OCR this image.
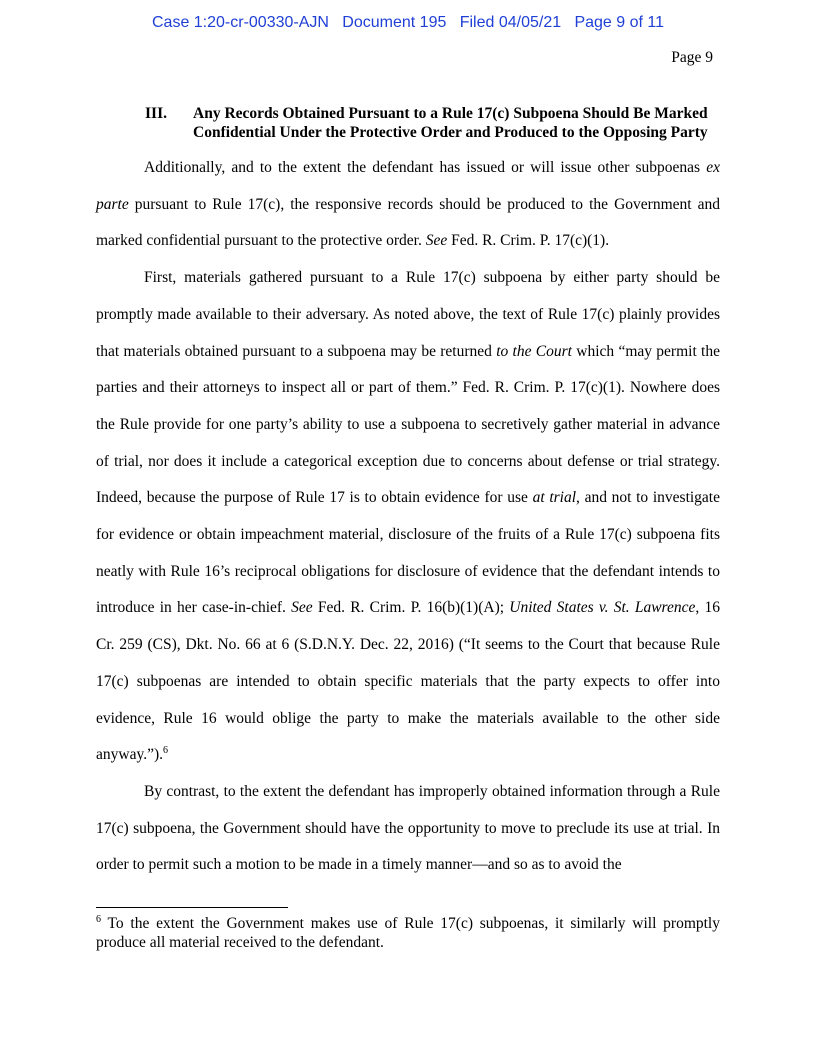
Case 1:20-cr-00330-AJN Document 195 Filed 04/05/21 Page 9 of 11
Page 9
III. Any Records Obtained Pursuant to a Rule 17(c) Subpoena Should Be Marked Confidential Under the Protective Order and Produced to the Opposing Party

Additionally, and to the extent the defendant has issued or will issue other subpoenas ex parte pursuant to Rule 17(c), the responsive records should be produced to the Government and marked confidential pursuant to the protective order. See Fed. R. Crim. P. 17(c)(1).

First, materials gathered pursuant to a Rule 17(c) subpoena by either party should be promptly made available to their adversary. As noted above, the text of Rule 17(c) plainly provides that materials obtained pursuant to a subpoena may be returned to the Court which “may permit the parties and their attorneys to inspect all or part of them.” Fed. R. Crim. P. 17(c)(1). Nowhere does the Rule provide for one party’s ability to use a subpoena to secretively gather material in advance of trial, nor does it include a categorical exception due to concerns about defense or trial strategy. Indeed, because the purpose of Rule 17 is to obtain evidence for use at trial, and not to investigate for evidence or obtain impeachment material, disclosure of the fruits of a Rule 17(c) subpoena fits neatly with Rule 16’s reciprocal obligations for disclosure of evidence that the defendant intends to introduce in her case-in-chief. See Fed. R. Crim. P. 16(b)(1)(A); United States v. St. Lawrence, 16 Cr. 259 (CS), Dkt. No. 66 at 6 (S.D.N.Y. Dec. 22, 2016) (“It seems to the Court that because Rule 17(c) subpoenas are intended to obtain specific materials that the party expects to offer into evidence, Rule 16 would oblige the party to make the materials available to the other side anyway.”).$^6$

By contrast, to the extent the defendant has improperly obtained information through a Rule 17(c) subpoena, the Government should have the opportunity to move to preclude its use at trial. In order to permit such a motion to be made in a timely manner—and so as to avoid the

$^6$ To the extent the Government makes use of Rule 17(c) subpoenas, it similarly will promptly produce all material received to the defendant.
